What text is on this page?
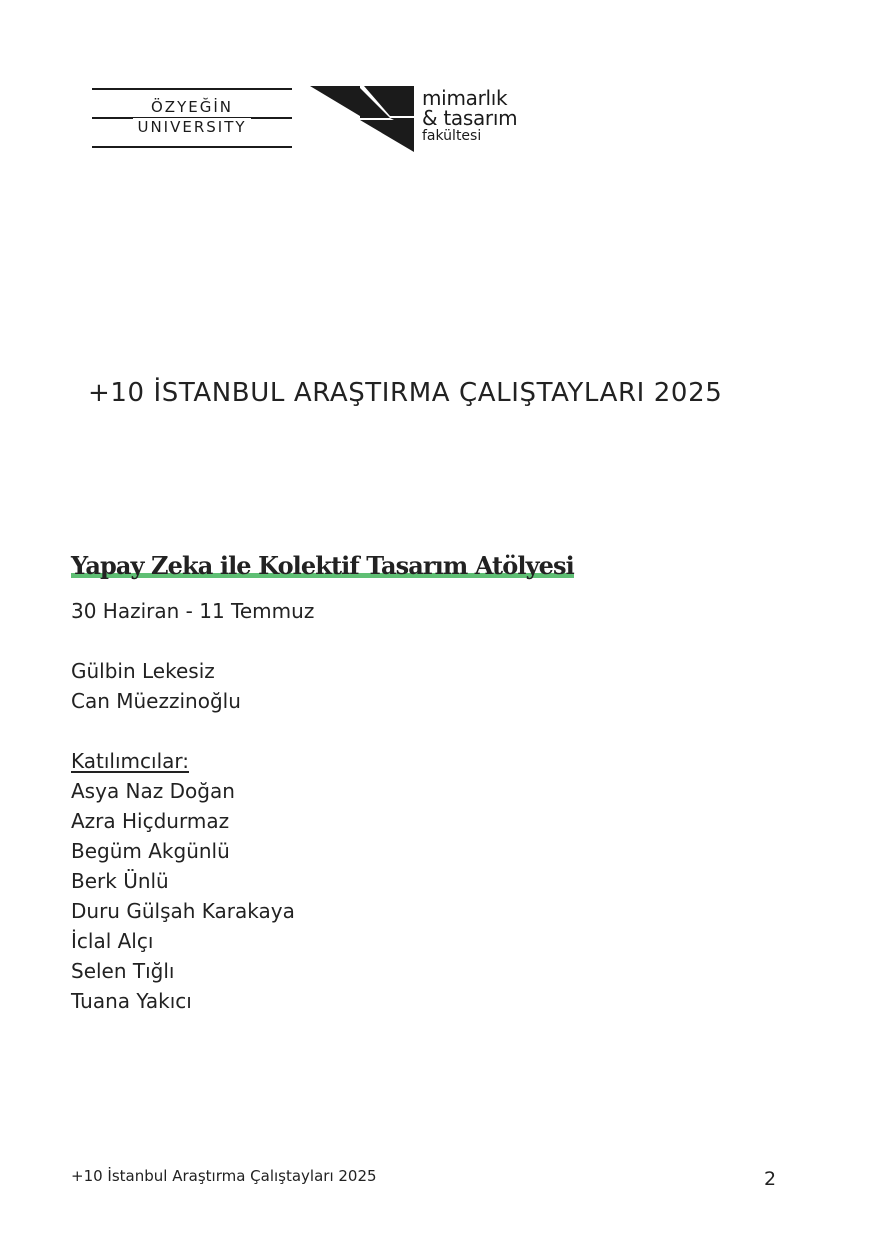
ÖZYEĞİN
UNIVERSITY
mimarlık
& tasarım
fakültesi
+10 İSTANBUL ARAŞTIRMA ÇALIŞTAYLARI 2025
Yapay Zeka ile Kolektif Tasarım Atölyesi
30 Haziran - 11 Temmuz
Gülbin Lekesiz
Can Müezzinoğlu
Katılımcılar:
Asya Naz Doğan
Azra Hiçdurmaz
Begüm Akgünlü
Berk Ünlü
Duru Gülşah Karakaya
İclal Alçı
Selen Tığlı
Tuana Yakıcı
+10 İstanbul Araştırma Çalıştayları 2025	2
